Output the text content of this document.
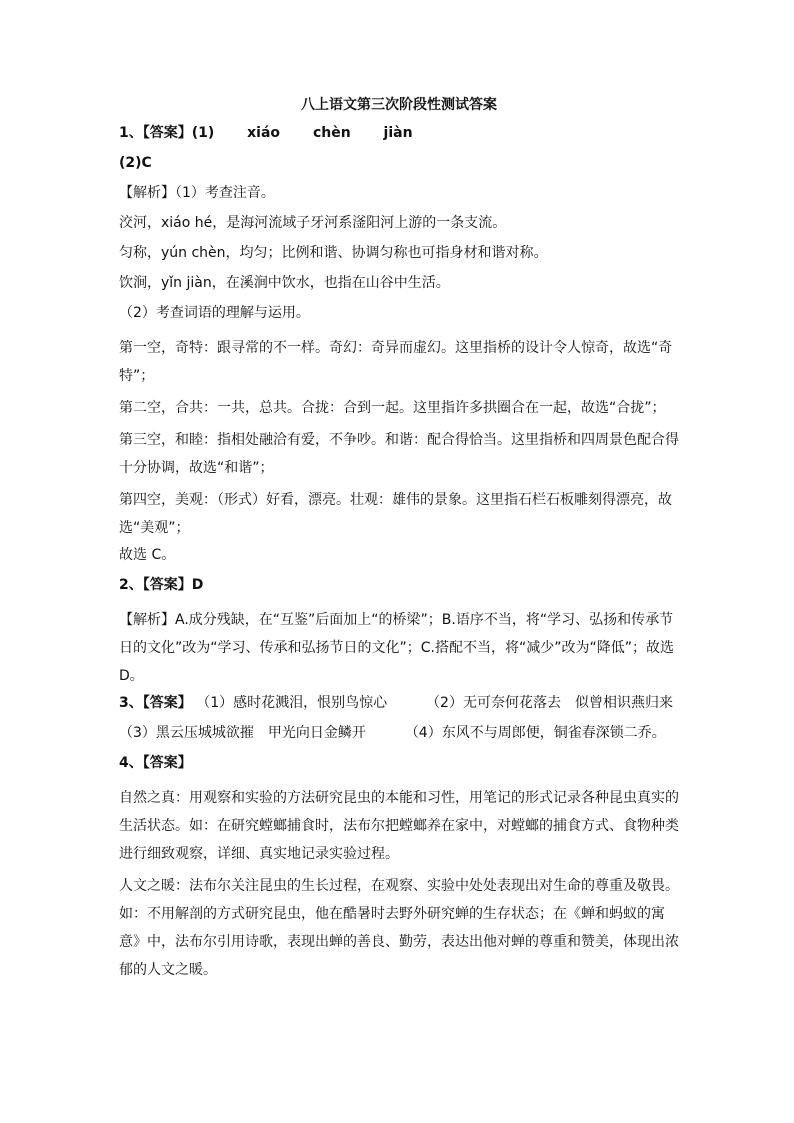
八上语文第三次阶段性测试答案
1、【答案】(1) xiáo chèn jiàn
(2)C
【解析】（1）考查注音。
洨河，xiáo hé，是海河流域子牙河系滏阳河上游的一条支流。
匀称，yún chèn，均匀；比例和谐、协调匀称也可指身材和谐对称。
饮涧，yǐn jiàn，在溪涧中饮水，也指在山谷中生活。
（2）考查词语的理解与运用。
第一空，奇特：跟寻常的不一样。奇幻：奇异而虚幻。这里指桥的设计令人惊奇，故选“奇特”；
第二空，合共：一共，总共。合拢：合到一起。这里指许多拱圈合在一起，故选“合拢”；
第三空，和睦：指相处融洽有爱，不争吵。和谐：配合得恰当。这里指桥和四周景色配合得十分协调，故选“和谐”；
第四空，美观：（形式）好看，漂亮。壮观：雄伟的景象。这里指石栏石板雕刻得漂亮，故选“美观”；
故选 C。
2、【答案】D
【解析】A.成分残缺，在“互鉴”后面加上“的桥梁”；B.语序不当，将“学习、弘扬和传承节日的文化”改为“学习、传承和弘扬节日的文化”；C.搭配不当，将“减少”改为“降低”；故选 D。
3、【答案】 （1）感时花溅泪，恨别鸟惊心	（2）无可奈何花落去　似曾相识燕归来
（3）黑云压城城欲摧　甲光向日金鳞开	（4）东风不与周郎便，铜雀春深锁二乔。
4、【答案】
自然之真：用观察和实验的方法研究昆虫的本能和习性，用笔记的形式记录各种昆虫真实的生活状态。如：在研究螳螂捕食时，法布尔把螳螂养在家中，对螳螂的捕食方式、食物种类进行细致观察，详细、真实地记录实验过程。
人文之暖：法布尔关注昆虫的生长过程，在观察、实验中处处表现出对生命的尊重及敬畏。如：不用解剖的方式研究昆虫，他在酷暑时去野外研究蝉的生存状态；在《蝉和蚂蚁的寓意》中，法布尔引用诗歌，表现出蝉的善良、勤劳，表达出他对蝉的尊重和赞美，体现出浓郁的人文之暖。
